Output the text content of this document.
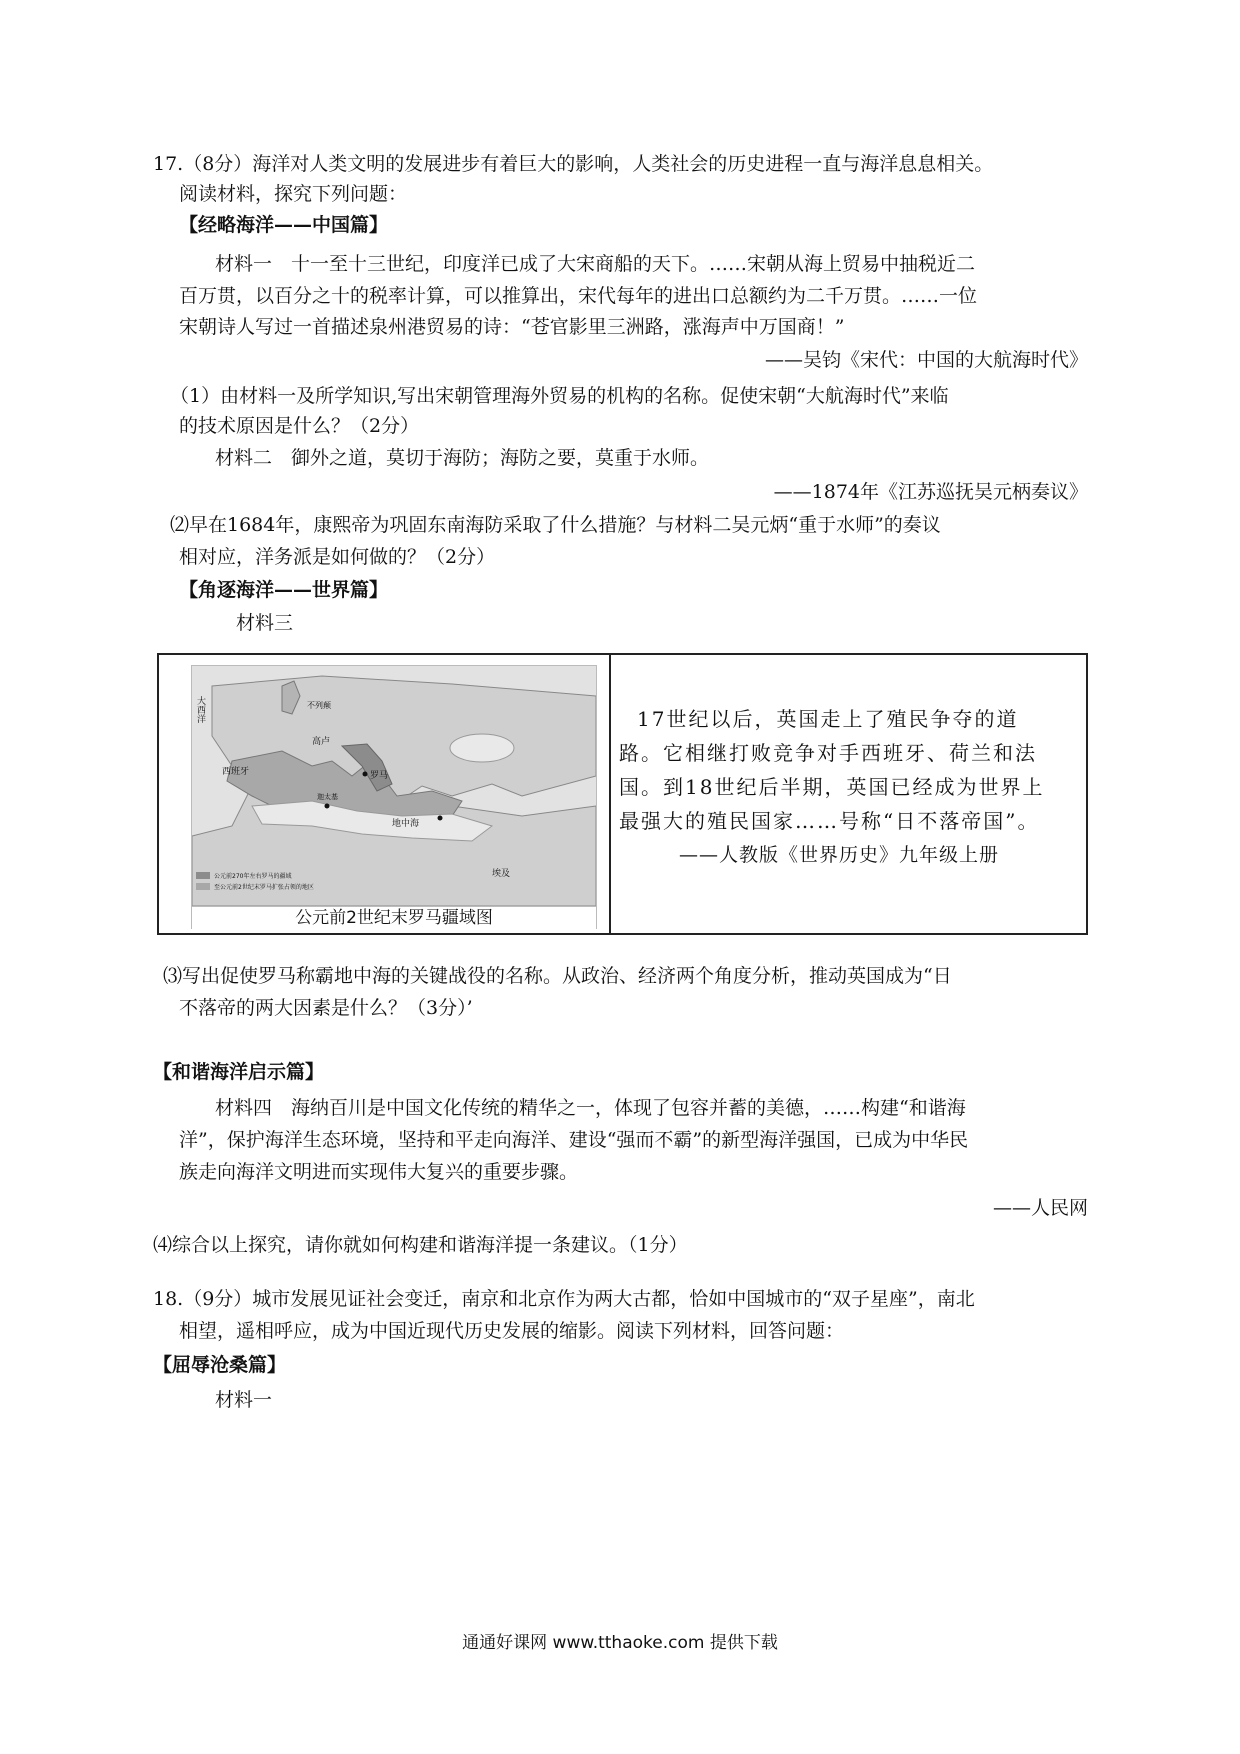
17.（8分）海洋对人类文明的发展进步有着巨大的影响，人类社会的历史进程一直与海洋息息相关。
阅读材料，探究下列问题：
【经略海洋——中国篇】
材料一　十一至十三世纪，印度洋已成了大宋商船的天下。……宋朝从海上贸易中抽税近二
百万贯，以百分之十的税率计算，可以推算出，宋代每年的进出口总额约为二千万贯。……一位
宋朝诗人写过一首描述泉州港贸易的诗：“苍官影里三洲路，涨海声中万国商！”
——吴钧《宋代：中国的大航海时代》
（1）由材料一及所学知识,写出宋朝管理海外贸易的机构的名称。促使宋朝“大航海时代”来临
的技术原因是什么？（2分）
材料二　御外之道，莫切于海防；海防之要，莫重于水师。
——1874年《江苏巡抚吴元柄奏议》
⑵早在1684年，康熙帝为巩固东南海防采取了什么措施？与材料二吴元炳“重于水师”的奏议
相对应，洋务派是如何做的？（2分）
【角逐海洋——世界篇】
材料三
大西洋	不列颠
高卢
西班牙	罗马
迦太基
地中海
埃及
公元前270年左右罗马的疆域
至公元前2世纪末罗马扩张占领的地区
公元前2世纪末罗马疆域图
17世纪以后，英国走上了殖民争夺的道
路。它相继打败竞争对手西班牙、荷兰和法
国。到18世纪后半期，英国已经成为世界上
最强大的殖民国家……号称“日不落帝国”。
——人教版《世界历史》九年级上册
⑶写出促使罗马称霸地中海的关键战役的名称。从政治、经济两个角度分析，推动英国成为“日
不落帝的两大因素是什么？（3分）’
【和谐海洋启示篇】
材料四　海纳百川是中国文化传统的精华之一，体现了包容并蓄的美德，……构建“和谐海
洋”，保护海洋生态环境，坚持和平走向海洋、建设“强而不霸”的新型海洋强国，已成为中华民
族走向海洋文明进而实现伟大复兴的重要步骤。
——人民网
⑷综合以上探究，请你就如何构建和谐海洋提一条建议。（1分）
18.（9分）城市发展见证社会变迁，南京和北京作为两大古都，恰如中国城市的“双子星座”，南北
相望，遥相呼应，成为中国近现代历史发展的缩影。阅读下列材料，回答问题：
【屈辱沧桑篇】
材料一
通通好课网 www.tthaoke.com 提供下载
